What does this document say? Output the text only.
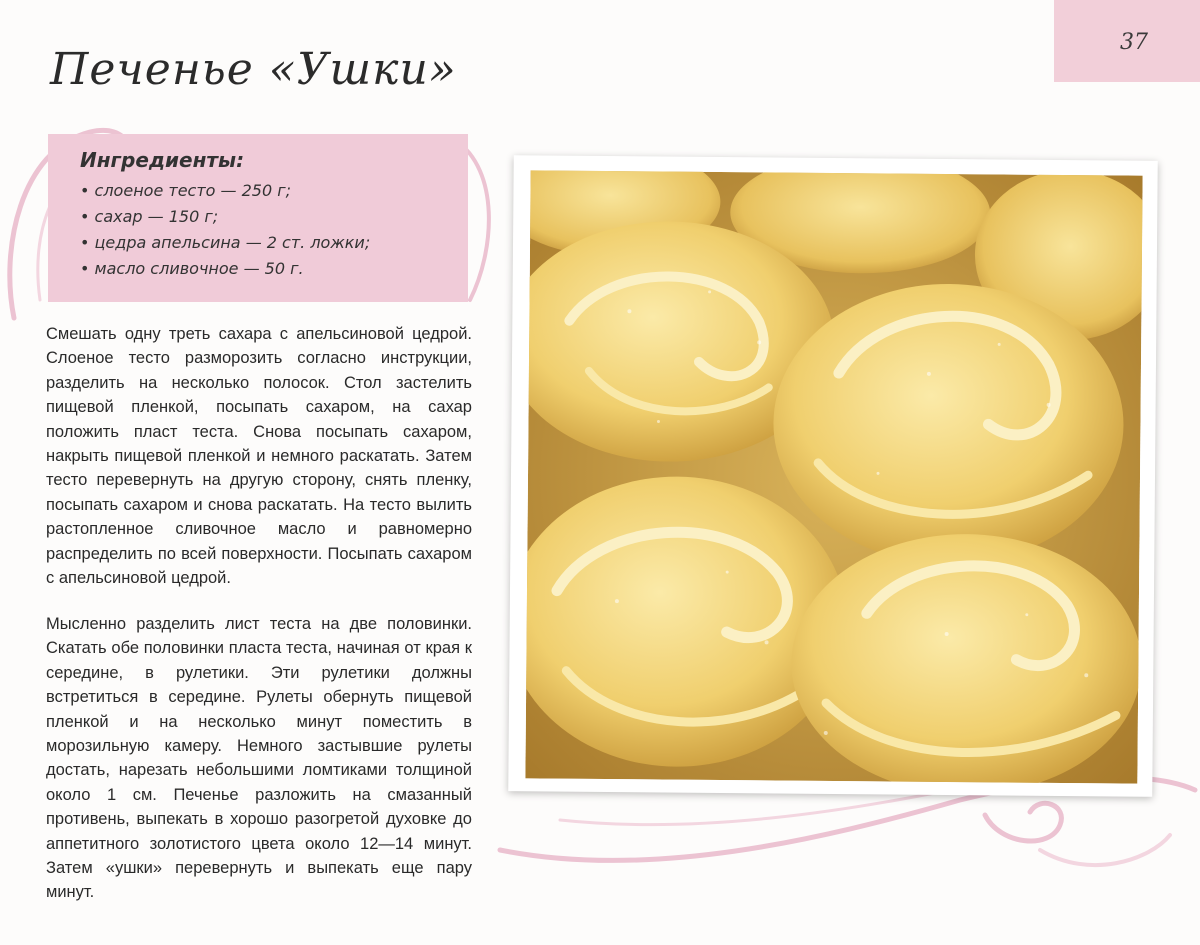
37
Печенье «Ушки»
Ингредиенты:
• слоеное тесто — 250 г;
• сахар — 150 г;
• цедра апельсина — 2 ст. ложки;
• масло сливочное — 50 г.

Смешать одну треть сахара с апельсиновой цедрой. Слоеное тесто разморозить согласно инструкции, разделить на несколько полосок. Стол застелить пищевой пленкой, посыпать сахаром, на сахар положить пласт теста. Снова посыпать сахаром, накрыть пищевой пленкой и немного раскатать. Затем тесто перевернуть на другую сторону, снять пленку, посыпать сахаром и снова раскатать. На тесто вылить растопленное сливочное масло и равномерно распределить по всей поверхности. Посыпать сахаром с апельсиновой цедрой.

Мысленно разделить лист теста на две половинки. Скатать обе половинки пласта теста, начиная от края к середине, в рулетики. Эти рулетики должны встретиться в середине. Рулеты обернуть пищевой пленкой и на несколько минут поместить в морозильную камеру. Немного застывшие рулеты достать, нарезать небольшими ломтиками толщиной около 1 см. Печенье разложить на смазанный противень, выпекать в хорошо разогретой духовке до аппетитного золотистого цвета около 12—14 минут. Затем «ушки» перевернуть и выпекать еще пару минут.
